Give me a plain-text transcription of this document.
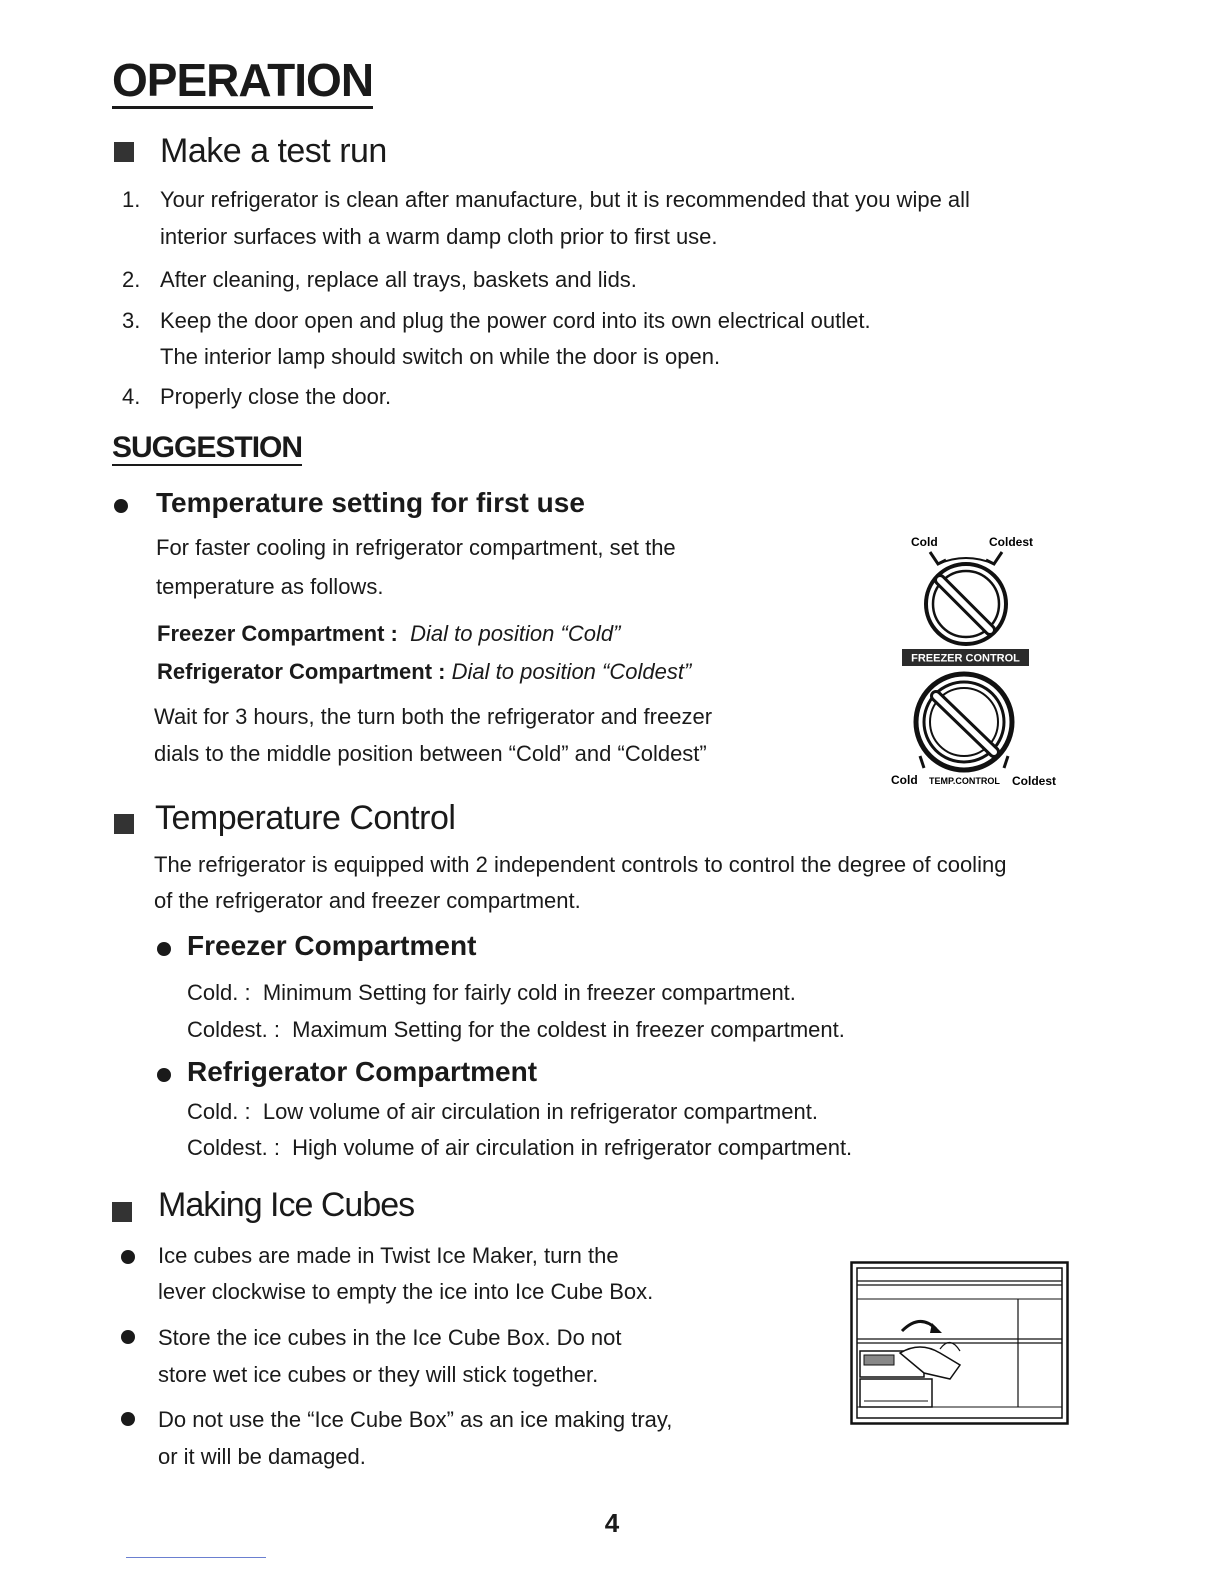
OPERATION
Make a test run
1. Your refrigerator is clean after manufacture, but it is recommended that you wipe all
interior surfaces with a warm damp cloth prior to first use.
2. After cleaning, replace all trays, baskets and lids.
3. Keep the door open and plug the power cord into its own electrical outlet.
The interior lamp should switch on while the door is open.
4. Properly close the door.
SUGGESTION
Temperature setting for first use
For faster cooling in refrigerator compartment, set the
temperature as follows.
Freezer Compartment : Dial to position “Cold”
Refrigerator Compartment : Dial to position “Coldest”
Wait for 3 hours, the turn both the refrigerator and freezer
dials to the middle position between “Cold” and “Coldest”
Cold	Coldest
FREEZER CONTROL
Cold TEMP.CONTROL Coldest
Temperature Control
The refrigerator is equipped with 2 independent controls to control the degree of cooling
of the refrigerator and freezer compartment.
Freezer Compartment
Cold. : Minimum Setting for fairly cold in freezer compartment.
Coldest. : Maximum Setting for the coldest in freezer compartment.
Refrigerator Compartment
Cold. : Low volume of air circulation in refrigerator compartment.
Coldest. : High volume of air circulation in refrigerator compartment.
Making Ice Cubes
Ice cubes are made in Twist Ice Maker, turn the
lever clockwise to empty the ice into Ice Cube Box.
Store the ice cubes in the Ice Cube Box. Do not
store wet ice cubes or they will stick together.
Do not use the “Ice Cube Box” as an ice making tray,
or it will be damaged.
4
